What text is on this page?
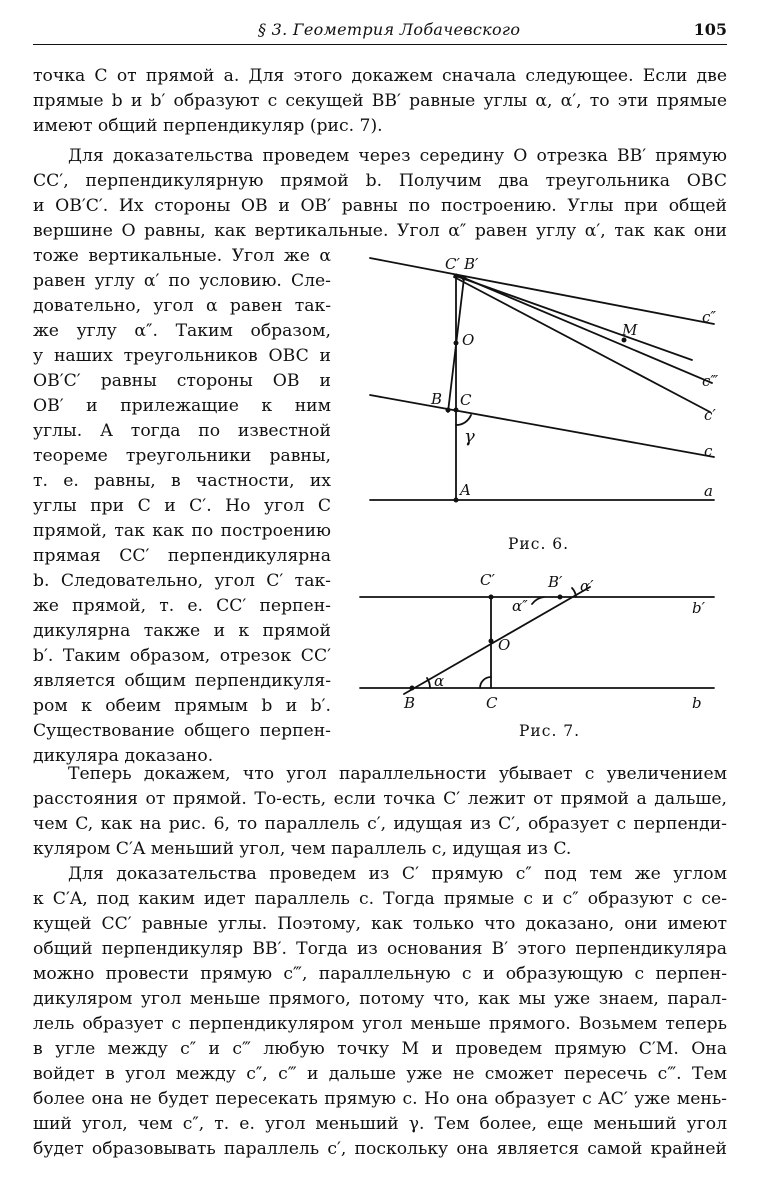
§ 3. Геометрия Лобачевского	105
точка C от прямой a. Для этого докажем сначала следующее. Если две
прямые b и b′ образуют с секущей BB′ равные углы α, α′, то эти прямые
имеют общий перпендикуляр (рис. 7).
Для доказательства проведем через середину O отрезка BB′ прямую
CC′, перпендикулярную прямой b. Получим два треугольника OBC
и OB′C′. Их стороны OB и OB′ равны по построению. Углы при общей
вершине O равны, как вертикальные. Угол α″ равен углу α′, так как они
тоже вертикальные. Угол же α
равен углу α′ по условию. Сле-
довательно, угол α равен так-
же углу α″. Таким образом,
у наших треугольников OBC и
OB′C′ равны стороны OB и
OB′ и прилежащие к ним
углы. А тогда по известной
теореме треугольники равны,
т. е. равны, в частности, их
углы при C и C′. Но угол C
прямой, так как по построению
прямая CC′ перпендикулярна
b. Следовательно, угол C′ так-
же прямой, т. е. CC′ перпен-
дикулярна также и к прямой
b′. Таким образом, отрезок CC′
является общим перпендикуля-
ром к обеим прямым b и b′.
Существование общего перпен-
дикуляра доказано.
C′ B′
O
B C
γ
A
M
c″
c‴
c′
c
a
Рис. 6.
C′	B′ α′
α″	b′
O
α
B	C	b
Рис. 7.
Теперь докажем, что угол параллельности убывает с увеличением
расстояния от прямой. То-есть, если точка C′ лежит от прямой a дальше,
чем C, как на рис. 6, то параллель c′, идущая из C′, образует с перпенди-
куляром C′A меньший угол, чем параллель c, идущая из C.
Для доказательства проведем из C′ прямую c″ под тем же углом
к C′A, под каким идет параллель c. Тогда прямые c и c″ образуют с се-
кущей CC′ равные углы. Поэтому, как только что доказано, они имеют
общий перпендикуляр BB′. Тогда из основания B′ этого перпендикуляра
можно провести прямую c‴, параллельную c и образующую с перпен-
дикуляром угол меньше прямого, потому что, как мы уже знаем, парал-
лель образует с перпендикуляром угол меньше прямого. Возьмем теперь
в угле между c″ и c‴ любую точку M и проведем прямую C′M. Она
войдет в угол между c″, c‴ и дальше уже не сможет пересечь c‴. Тем
более она не будет пересекать прямую c. Но она образует с AC′ уже мень-
ший угол, чем c″, т. е. угол меньший γ. Тем более, еще меньший угол
будет образовывать параллель c′, поскольку она является самой крайней
